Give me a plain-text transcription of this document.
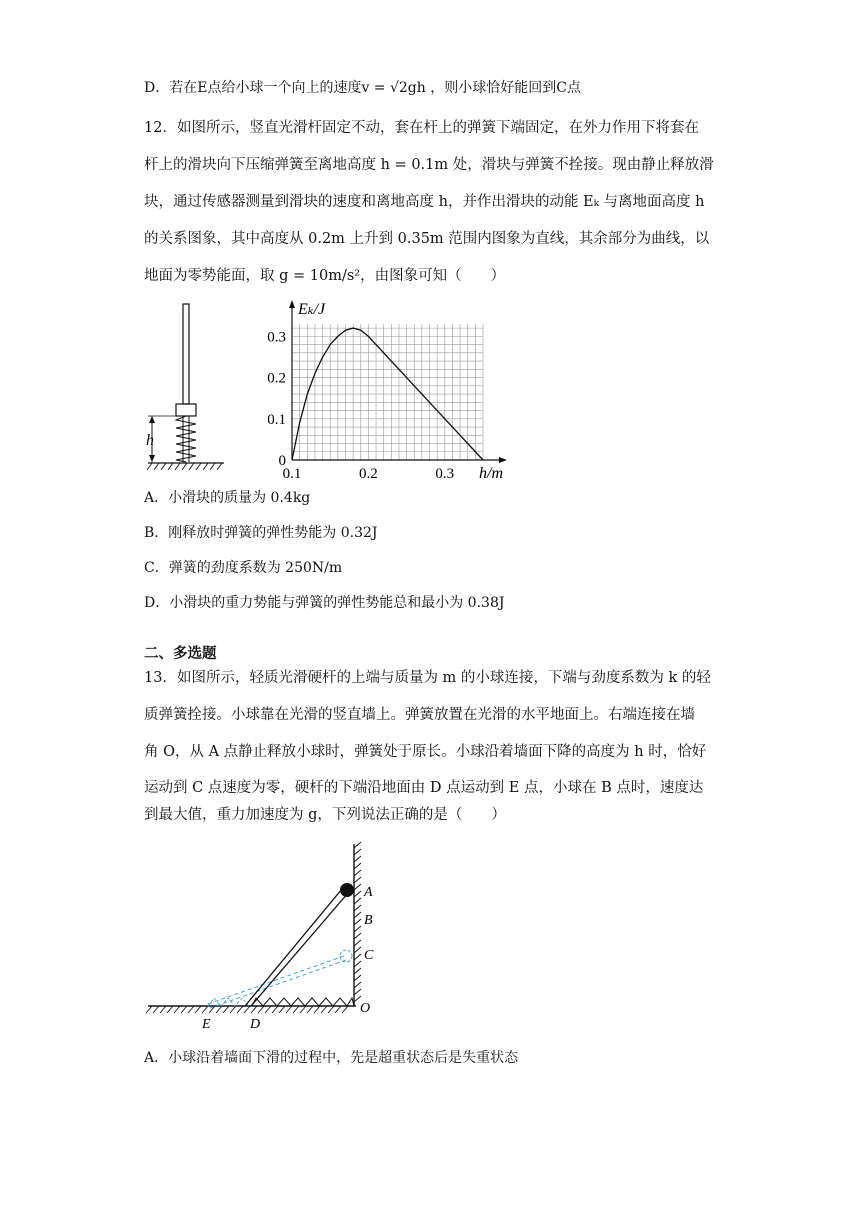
D．若在E点给小球一个向上的速度v = √2gh ，则小球恰好能回到C点
12．如图所示，竖直光滑杆固定不动，套在杆上的弹簧下端固定，在外力作用下将套在
杆上的滑块向下压缩弹簧至离地高度 h = 0.1m 处，滑块与弹簧不拴接。现由静止释放滑
块，通过传感器测量到滑块的速度和离地高度 h，并作出滑块的动能 Eₖ 与离地面高度 h
的关系图象，其中高度从 0.2m 上升到 0.35m 范围内图象为直线，其余部分为曲线，以
地面为零势能面，取 g = 10m/s²，由图象可知（　　）
h
0
0.1
0.2
0.3
0.1	0.2	0.3
Eₖ/J
h/m
A．小滑块的质量为 0.4kg
B．刚释放时弹簧的弹性势能为 0.32J
C．弹簧的劲度系数为 250N/m
D．小滑块的重力势能与弹簧的弹性势能总和最小为 0.38J
二、多选题
13．如图所示，轻质光滑硬杆的上端与质量为 m 的小球连接，下端与劲度系数为 k 的轻
质弹簧拴接。小球靠在光滑的竖直墙上。弹簧放置在光滑的水平地面上。右端连接在墙
角 O，从 A 点静止释放小球时，弹簧处于原长。小球沿着墙面下降的高度为 h 时，恰好
运动到 C 点速度为零，硬杆的下端沿地面由 D 点运动到 E 点，小球在 B 点时，速度达
到最大值，重力加速度为 g，下列说法正确的是（　　）
A
B
C
O
D
E
A．小球沿着墙面下滑的过程中，先是超重状态后是失重状态
